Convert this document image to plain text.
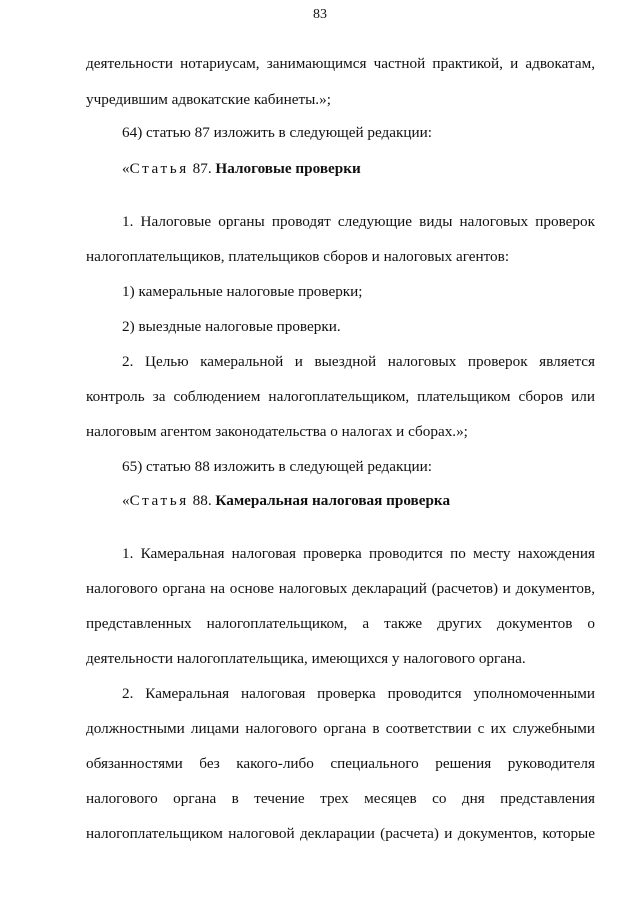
83
деятельности нотариусам, занимающимся частной практикой, и адвокатам,
учредившим адвокатские кабинеты.»;
64) статью 87 изложить в следующей редакции:
«Статья 87. Налоговые проверки
1. Налоговые органы проводят следующие виды налоговых проверок
налогоплательщиков, плательщиков сборов и налоговых агентов:
1) камеральные налоговые проверки;
2) выездные налоговые проверки.
2. Целью камеральной и выездной налоговых проверок является
контроль за соблюдением налогоплательщиком, плательщиком сборов или
налоговым агентом законодательства о налогах и сборах.»;
65) статью 88 изложить в следующей редакции:
«Статья 88. Камеральная налоговая проверка
1. Камеральная налоговая проверка проводится по месту нахождения
налогового органа на основе налоговых деклараций (расчетов) и документов,
представленных налогоплательщиком, а также других документов о
деятельности налогоплательщика, имеющихся у налогового органа.
2. Камеральная налоговая проверка проводится уполномоченными
должностными лицами налогового органа в соответствии с их служебными
обязанностями без какого-либо специального решения руководителя
налогового органа в течение трех месяцев со дня представления
налогоплательщиком налоговой декларации (расчета) и документов, которые
